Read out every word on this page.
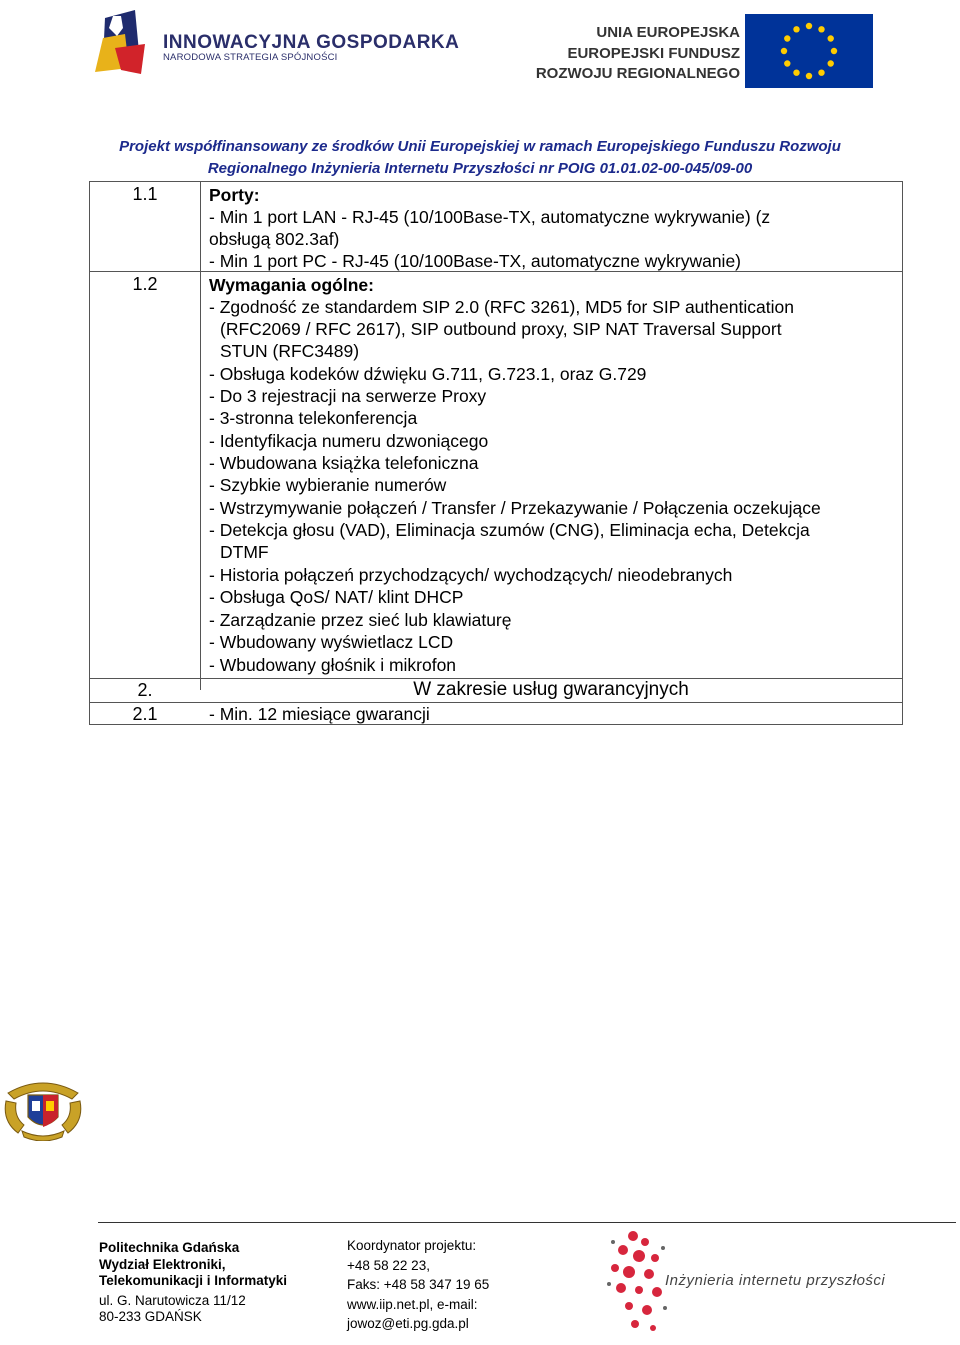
INNOWACYJNA GOSPODARKA
NARODOWA STRATEGIA SPÓJNOŚCI
UNIA EUROPEJSKA
EUROPEJSKI FUNDUSZ
ROZWOJU REGIONALNEGO
Projekt współfinansowany ze środków Unii Europejskiej w ramach Europejskiego Funduszu Rozwoju
Regionalnego Inżynieria Internetu Przyszłości nr POIG 01.01.02-00-045/09-00
1.1	Porty:
- Min 1 port LAN - RJ-45 (10/100Base-TX, automatyczne wykrywanie) (z
obsługą 802.3af)
- Min 1 port PC - RJ-45 (10/100Base-TX, automatyczne wykrywanie)
1.2	Wymagania ogólne:
- Zgodność ze standardem SIP 2.0 (RFC 3261), MD5 for SIP authentication
(RFC2069 / RFC 2617), SIP outbound proxy, SIP NAT Traversal Support
STUN (RFC3489)
- Obsługa kodeków dźwięku G.711, G.723.1, oraz G.729
- Do 3 rejestracji na serwerze Proxy
- 3-stronna telekonferencja
- Identyfikacja numeru dzwoniącego
- Wbudowana książka telefoniczna
- Szybkie wybieranie numerów
- Wstrzymywanie połączeń / Transfer / Przekazywanie / Połączenia oczekujące
- Detekcja głosu (VAD), Eliminacja szumów (CNG), Eliminacja echa, Detekcja
DTMF
- Historia połączeń przychodzących/ wychodzących/ nieodebranych
- Obsługa QoS/ NAT/ klint DHCP
- Zarządzanie przez sieć lub klawiaturę
- Wbudowany wyświetlacz LCD
- Wbudowany głośnik i mikrofon
2.	W zakresie usług gwarancyjnych
2.1	- Min. 12 miesiące gwarancji
Politechnika Gdańska
Wydział Elektroniki,
Telekomunikacji i Informatyki
ul. G. Narutowicza 11/12
80-233 GDAŃSK
Koordynator projektu:
+48 58 22 23,
Faks: +48 58 347 19 65
www.iip.net.pl, e-mail:
jowoz@eti.pg.gda.pl
Inżynieria internetu przyszłości
